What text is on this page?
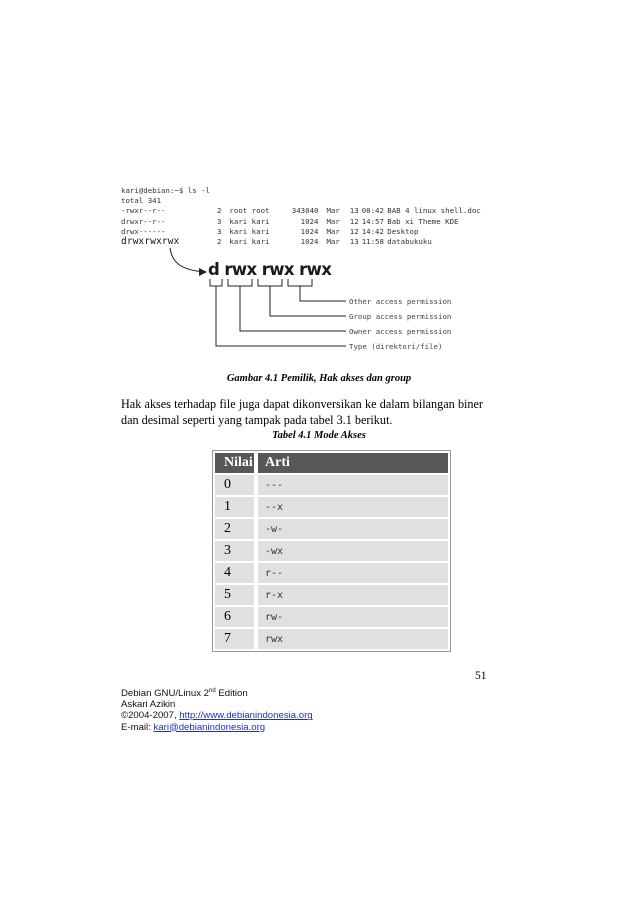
kari@debian:~$ ls -l
total 341
-rwxr--r--	2 root root	343040 Mar	13 08:42 BAB 4 linux shell.doc
drwxr--r--	3 kari kari	1024 Mar	12 14:57 Bab xi Theme KDE
drwx------	3 kari kari	1024 Mar	12 14:42 Desktop
drwxrwxrwx	2 kari kari	1024 Mar	13 11:58 databukuku
d rwx rwx rwx
Other access permission
Group access permission
Owner access permission
Type (direktori/file)
Gambar 4.1 Pemilik, Hak akses dan group
Hak akses terhadap file juga dapat dikonversikan ke dalam bilangan biner dan desimal seperti yang tampak pada tabel 3.1 berikut.
Tabel 4.1 Mode Akses
Nilai Arti
0	---
1	--x
2	-w-
3	-wx
4	r--
5	r-x
6	rw-
7	rwx
51
Debian GNU/Linux 2nd Edition
Askari Azikin
©2004-2007, http://www.debianindonesia.org
E-mail: kari@debianindonesia.org
